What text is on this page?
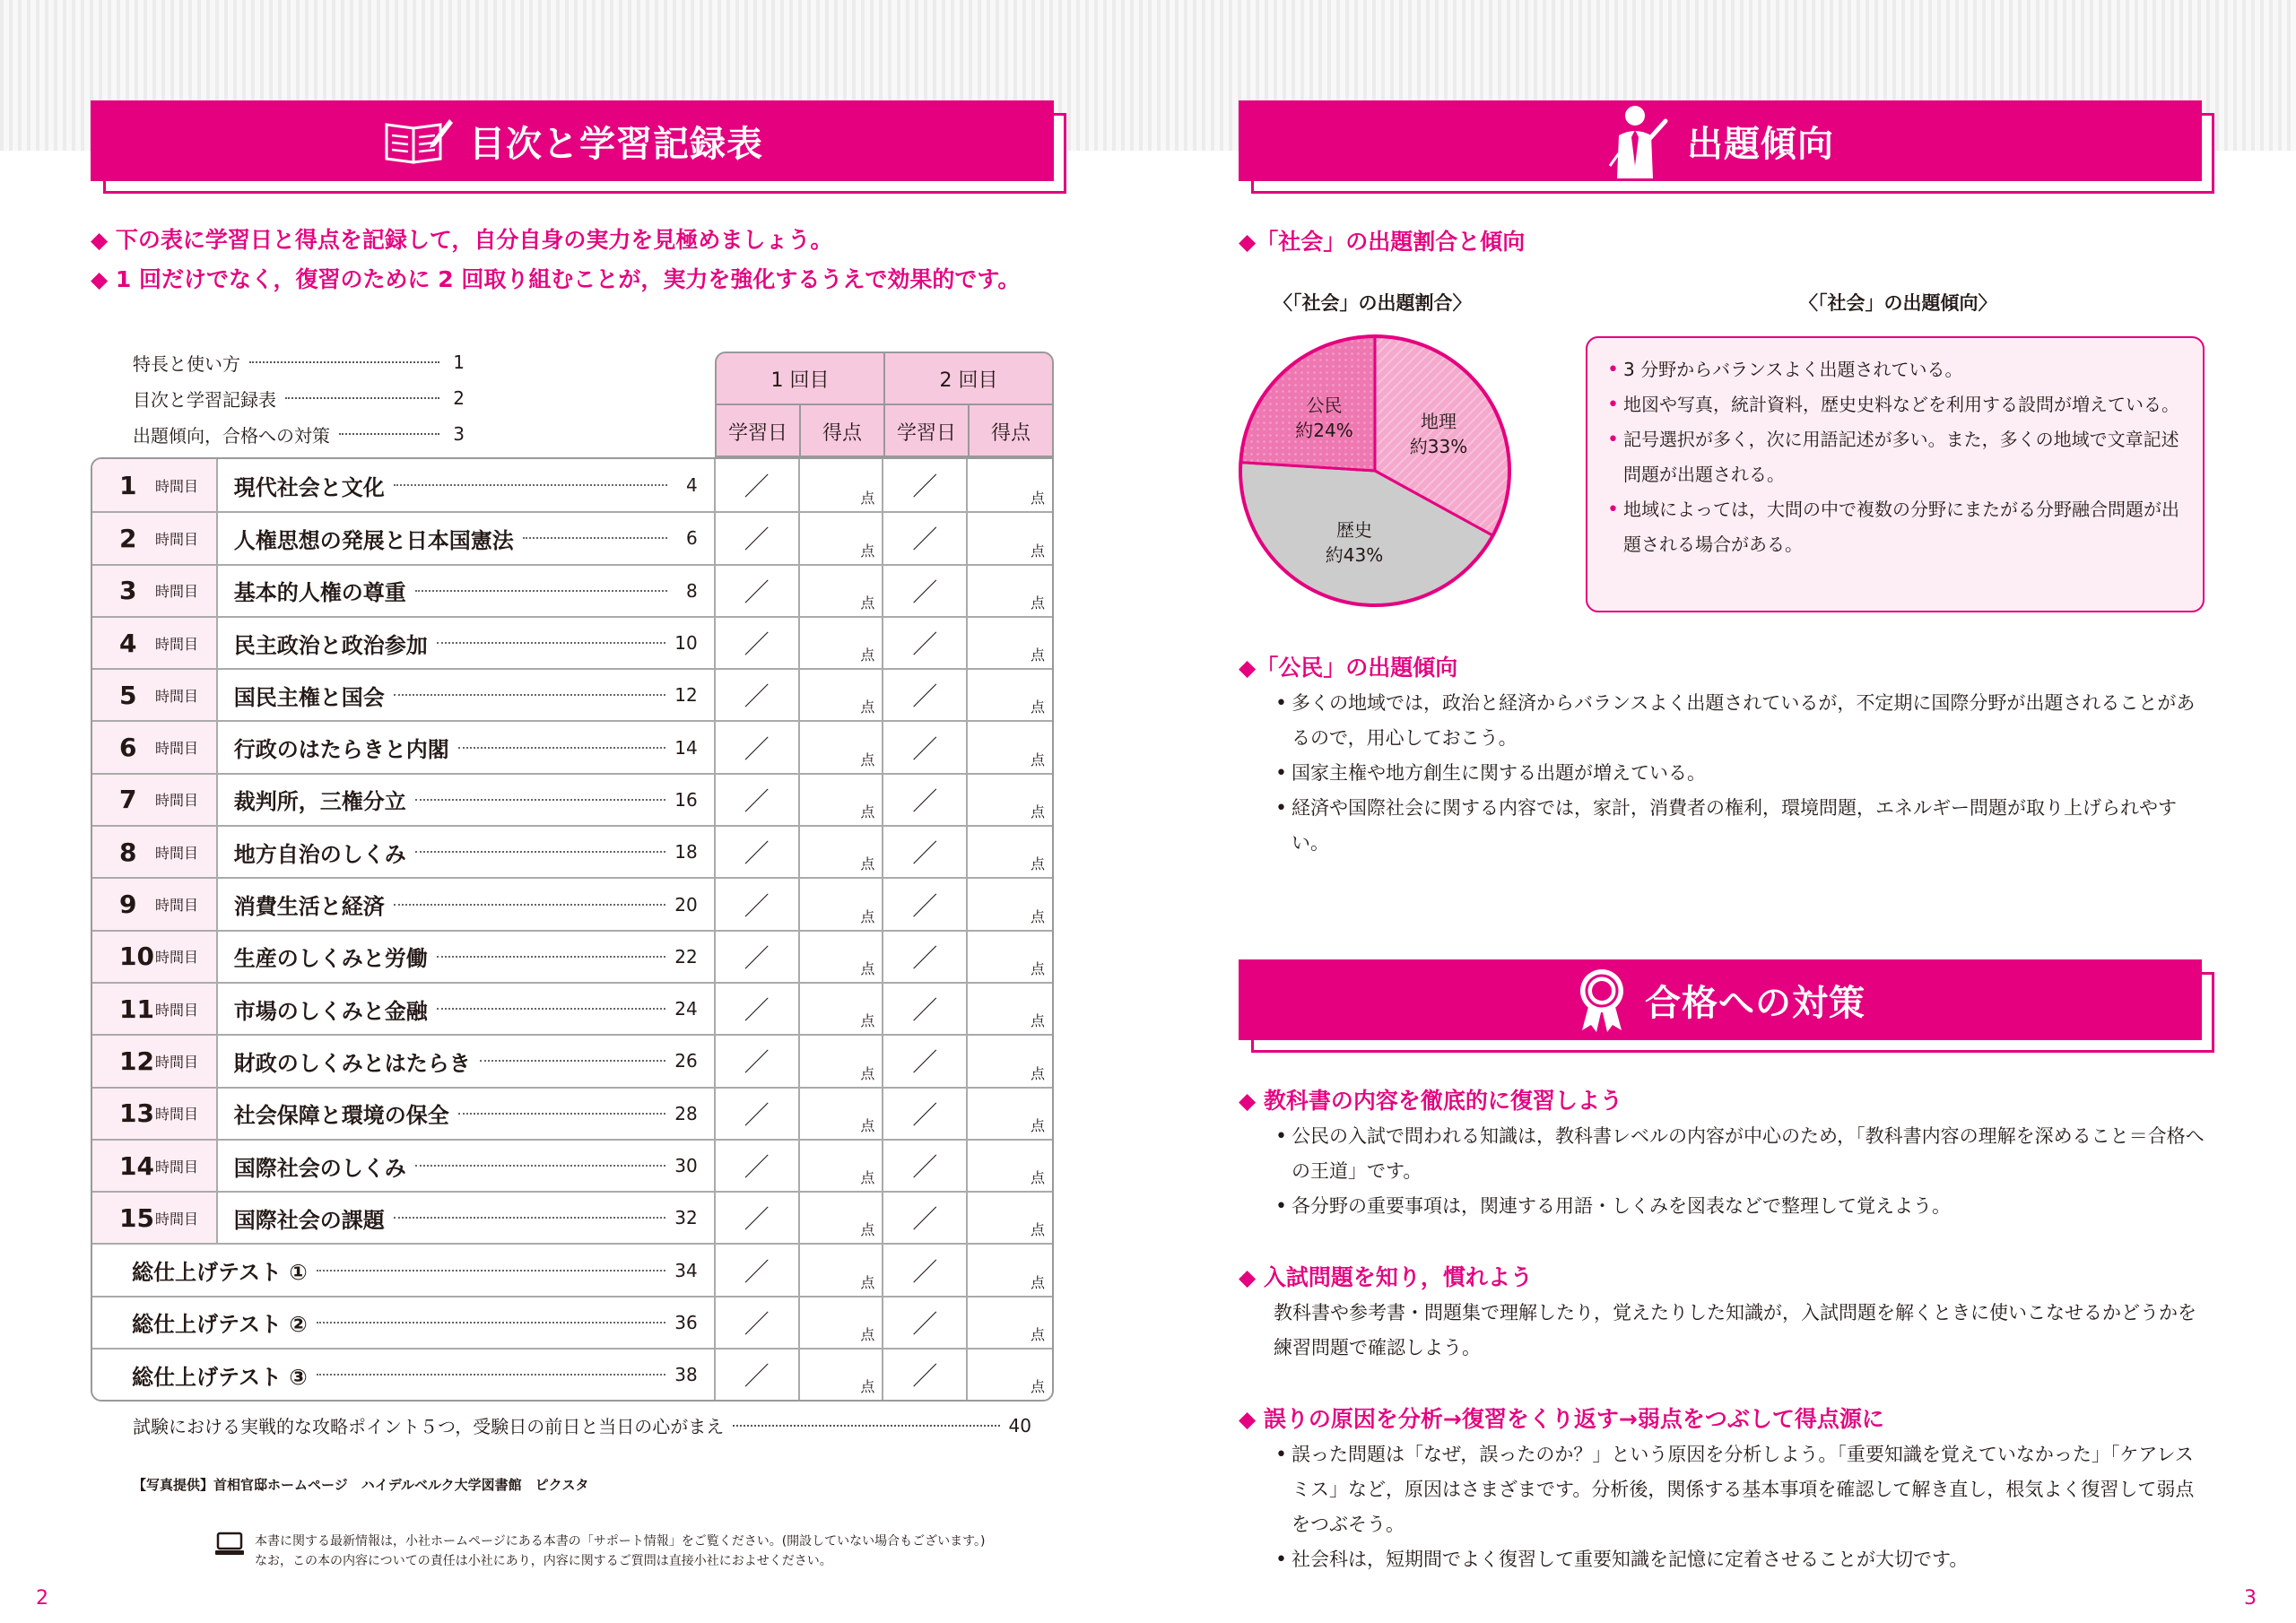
目次と学習記録表
◆ 下の表に学習日と得点を記録して，自分自身の実力を見極めましょう。
◆ 1 回だけでなく，復習のために 2 回取り組むことが，実力を強化するうえで効果的です。
特長と使い方	1
目次と学習記録表	2
出題傾向，合格への対策	3
1 回目	2 回目
学習日	得点	学習日	得点
1	時間目 現代社会と文化	4 ／	点 ／	点
2	時間目 人権思想の発展と日本国憲法	6 ／	点 ／	点
3	時間目 基本的人権の尊重	8 ／	点 ／	点
4	時間目 民主政治と政治参加	10 ／	点 ／	点
5	時間目 国民主権と国会	12 ／	点 ／	点
6	時間目 行政のはたらきと内閣	14 ／	点 ／	点
7	時間目 裁判所，三権分立	16 ／	点 ／	点
8	時間目 地方自治のしくみ	18 ／	点 ／	点
9	時間目 消費生活と経済	20 ／	点 ／	点
10 時間目 生産のしくみと労働	22 ／	点 ／	点
11 時間目 市場のしくみと金融	24 ／	点 ／	点
12 時間目 財政のしくみとはたらき	26 ／	点 ／	点
13 時間目 社会保障と環境の保全	28 ／	点 ／	点
14 時間目 国際社会のしくみ	30 ／	点 ／	点
15 時間目 国際社会の課題	32 ／	点 ／	点
総仕上げテスト ①	34 ／	点 ／	点
総仕上げテスト ②	36 ／	点 ／	点
総仕上げテスト ③	38 ／	点 ／	点
試験における実戦的な攻略ポイント５つ，受験日の前日と当日の心がまえ	40
【写真提供】首相官邸ホームページ　ハイデルベルク大学図書館　ピクスタ
本書に関する最新情報は，小社ホームページにある本書の「サポート情報」をご覧ください。(開設していない場合もございます。)
なお，この本の内容についての責任は小社にあり，内容に関するご質問は直接小社におよせください。
2
出題傾向
◆「社会」の出題割合と傾向
〈「社会」の出題割合〉	〈「社会」の出題傾向〉
地理
約33%
歴史
約43%
公民
約24%
• 3 分野からバランスよく出題されている。
• 地図や写真，統計資料，歴史史料などを利用する設問が増えている。
• 記号選択が多く，次に用語記述が多い。また，多くの地域で文章記述問題が出題される。
• 地域によっては，大問の中で複数の分野にまたがる分野融合問題が出題される場合がある。
◆「公民」の出題傾向
• 多くの地域では，政治と経済からバランスよく出題されているが，不定期に国際分野が出題されることがあるので，用心しておこう。
• 国家主権や地方創生に関する出題が増えている。
• 経済や国際社会に関する内容では，家計，消費者の権利，環境問題，エネルギー問題が取り上げられやすい。
合格への対策
◆ 教科書の内容を徹底的に復習しよう
• 公民の入試で問われる知識は，教科書レベルの内容が中心のため，「教科書内容の理解を深めること＝合格への王道」です。
• 各分野の重要事項は，関連する用語・しくみを図表などで整理して覚えよう。
◆ 入試問題を知り，慣れよう
教科書や参考書・問題集で理解したり，覚えたりした知識が，入試問題を解くときに使いこなせるかどうかを練習問題で確認しよう。
◆ 誤りの原因を分析→復習をくり返す→弱点をつぶして得点源に
• 誤った問題は「なぜ，誤ったのか？」という原因を分析しよう。「重要知識を覚えていなかった」「ケアレスミス」など，原因はさまざまです。分析後，関係する基本事項を確認して解き直し，根気よく復習して弱点をつぶそう。
• 社会科は，短期間でよく復習して重要知識を記憶に定着させることが大切です。
3
